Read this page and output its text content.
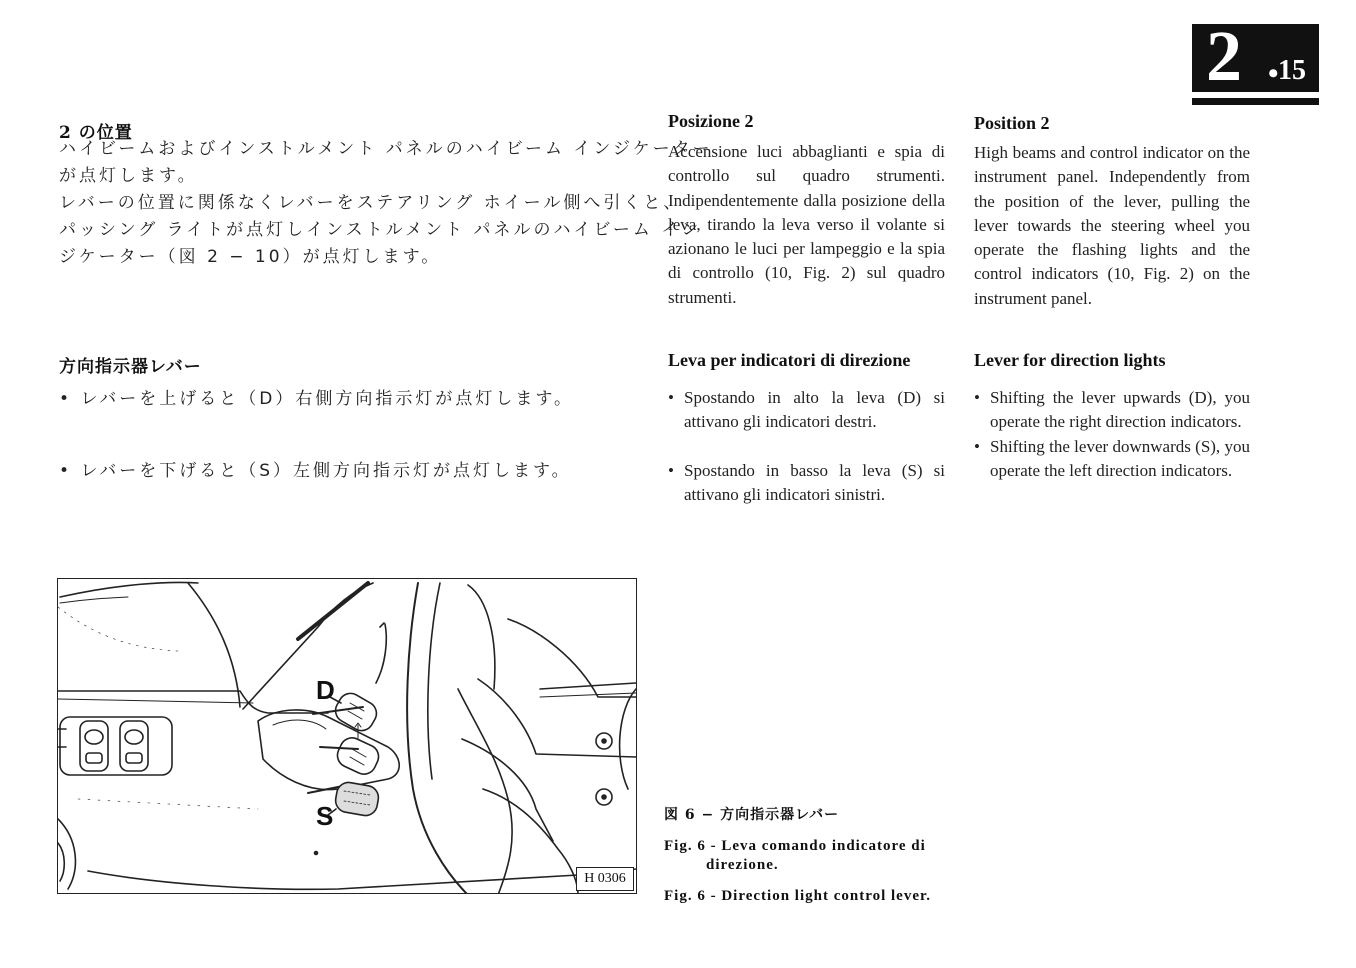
2 • 15
2 の位置
ハイビームおよびインストルメント パネルのハイビーム インジケーター
が点灯します。
レバーの位置に関係なくレバーをステアリング ホイール側へ引くと、
パッシング ライトが点灯しインストルメント パネルのハイビーム イン
ジケーター（図 2 − 10）が点灯します。
方向指示器レバー
• レバーを上げると（D）右側方向指示灯が点灯します。
• レバーを下げると（S）左側方向指示灯が点灯します。
Posizione 2
Accensione luci abbaglianti e spia di controllo sul quadro strumenti. Indipendentemente dalla posizione della leva, tirando la leva verso il volante si azionano le luci per lampeggio e la spia di controllo (10, Fig. 2) sul quadro strumenti.
Leva per indicatori di direzione
• Spostando in alto la leva (D) si attivano gli indicatori destri.
• Spostando in basso la leva (S) si attivano gli indicatori sinistri.
Position 2
High beams and control indicator on the instrument panel. Independently from the position of the lever, pulling the lever towards the steering wheel you operate the flashing lights and the control indicators (10, Fig. 2) on the instrument panel.
Lever for direction lights
• Shifting the lever upwards (D), you operate the right direction indicators.
• Shifting the lever downwards (S), you operate the left direction indicators.
D
S
H 0306
図 6 − 方向指示器レバー
Fig. 6 - Leva comando indicatore di
direzione.
Fig. 6 - Direction light control lever.
